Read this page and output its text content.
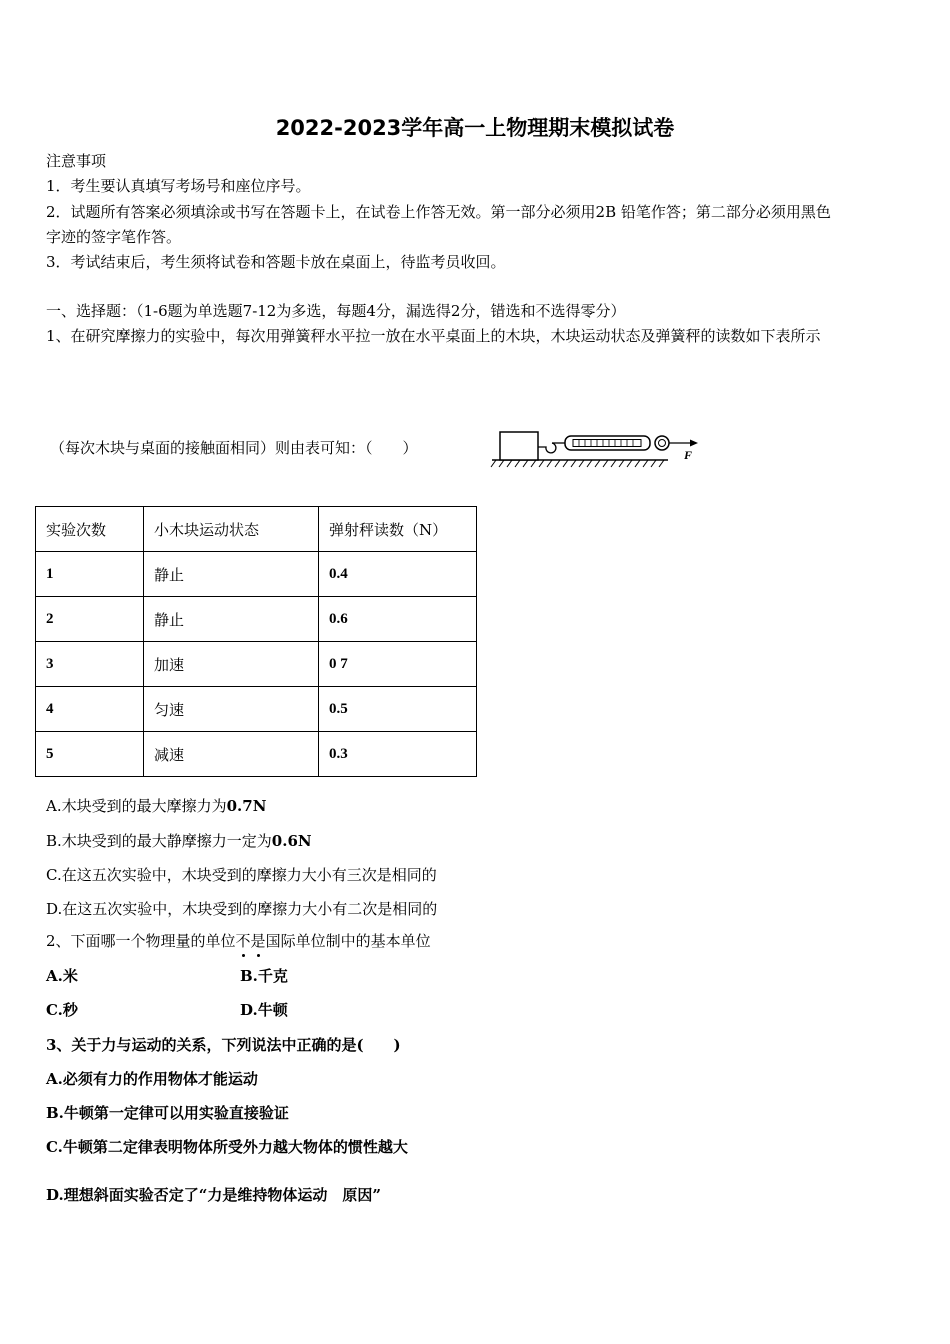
2022-2023学年高一上物理期末模拟试卷
注意事项
1．考生要认真填写考场号和座位序号。
2．试题所有答案必须填涂或书写在答题卡上，在试卷上作答无效。第一部分必须用2B 铅笔作答；第二部分必须用黑色
字迹的签字笔作答。
3．考试结束后，考生须将试卷和答题卡放在桌面上，待监考员收回。
一、选择题：（1-6题为单选题7-12为多选，每题4分，漏选得2分，错选和不选得零分）
1、在研究摩擦力的实验中，每次用弹簧秤水平拉一放在水平桌面上的木块，木块运动状态及弹簧秤的读数如下表所示
（每次木块与桌面的接触面相同）则由表可知：（　　）	F
实验次数	小木块运动状态	弹射秤读数（N）
1	静止	0.4
2	静止	0.6
3	加速	0 7
4	匀速	0.5
5	减速	0.3
A.木块受到的最大摩擦力为0.7N
B.木块受到的最大静摩擦力一定为0.6N
C.在这五次实验中，木块受到的摩擦力大小有三次是相同的
D.在这五次实验中，木块受到的摩擦力大小有二次是相同的
2、下面哪一个物理量的单位不是
国际单位制中的基本单位
A.米	B.千克
C.秒	D.牛顿
3、关于力与运动的关系，下列说法中正确的是(　　)
A.必须有力的作用物体才能运动
B.牛顿第一定律可以用实验直接验证
C.牛顿第二定律表明物体所受外力越大物体的惯性越大
D.理想斜面实验否定了“力是维持物体运动　原因”
